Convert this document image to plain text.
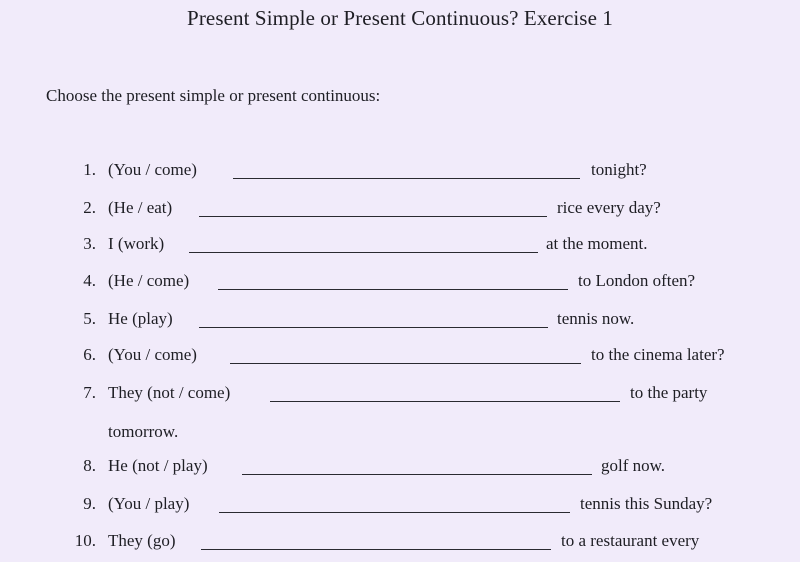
Present Simple or Present Continuous? Exercise 1
Choose the present simple or present continuous:
1. (You / come)	tonight?
2. (He / eat)	rice every day?
3. I (work)	at the moment.
4. (He / come)	to London often?
5. He (play)	tennis now.
6. (You / come)	to the cinema later?
7. They (not / come)	to the party
tomorrow.
8. He (not / play)	golf now.
9. (You / play)	tennis this Sunday?
10. They (go)	to a restaurant every
